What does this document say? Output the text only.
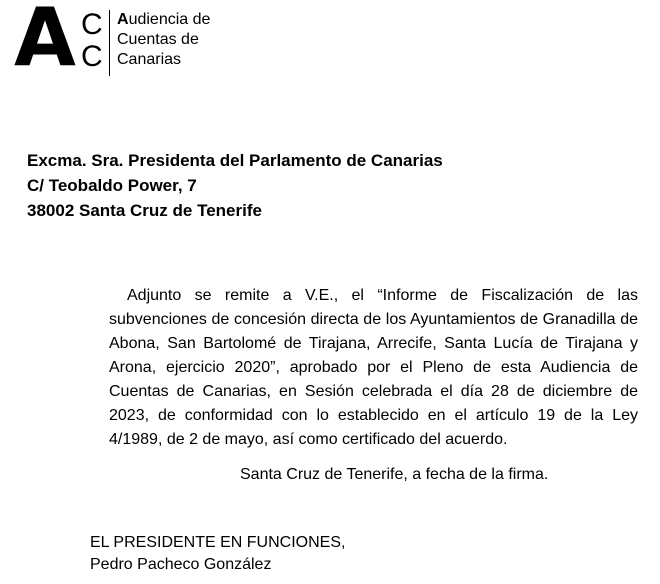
A C
C
Audiencia de
Cuentas de
Canarias
Excma. Sra. Presidenta del Parlamento de Canarias
C/ Teobaldo Power, 7
38002 Santa Cruz de Tenerife
Adjunto se remite a V.E., el “Informe de Fiscalización de las subvenciones de concesión directa de los Ayuntamientos de Granadilla de Abona, San Bartolomé de Tirajana, Arrecife, Santa Lucía de Tirajana y Arona, ejercicio 2020”, aprobado por el Pleno de esta Audiencia de Cuentas de Canarias, en Sesión celebrada el día 28 de diciembre de 2023, de conformidad con lo establecido en el artículo 19 de la Ley 4/1989, de 2 de mayo, así como certificado del acuerdo.
Santa Cruz de Tenerife, a fecha de la firma.
EL PRESIDENTE EN FUNCIONES,
Pedro Pacheco González
